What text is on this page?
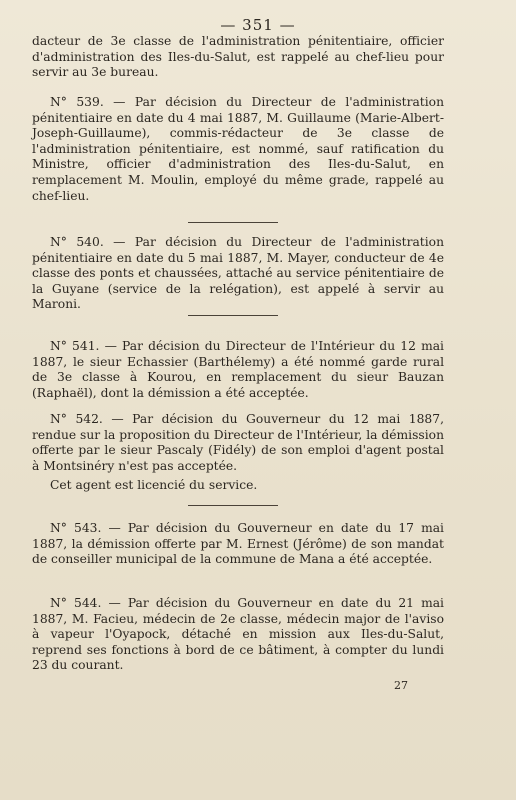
— 351 —

dacteur de 3e classe de l'administration pénitentiaire, officier d'administration des Iles-du-Salut, est rappelé au chef-lieu pour servir au 3e bureau.

N° 539. — Par décision du Directeur de l'administration pénitentiaire en date du 4 mai 1887, M. Guillaume (Marie-Albert-Joseph-Guillaume), commis-rédacteur de 3e classe de l'administration pénitentiaire, est nommé, sauf ratification du Ministre, officier d'administration des Iles-du-Salut, en remplacement M. Moulin, employé du même grade, rappelé au chef-lieu.

N° 540. — Par décision du Directeur de l'administration pénitentiaire en date du 5 mai 1887, M. Mayer, conducteur de 4e classe des ponts et chaussées, attaché au service pénitentiaire de la Guyane (service de la relégation), est appelé à servir au Maroni.

N° 541. — Par décision du Directeur de l'Intérieur du 12 mai 1887, le sieur Echassier (Barthélemy) a été nommé garde rural de 3e classe à Kourou, en remplacement du sieur Bauzan (Raphaël), dont la démission a été acceptée.

N° 542. — Par décision du Gouverneur du 12 mai 1887, rendue sur la proposition du Directeur de l'Intérieur, la démission offerte par le sieur Pascaly (Fidély) de son emploi d'agent postal à Montsinéry n'est pas acceptée.

Cet agent est licencié du service.

N° 543. — Par décision du Gouverneur en date du 17 mai 1887, la démission offerte par M. Ernest (Jérôme) de son mandat de conseiller municipal de la commune de Mana a été acceptée.

N° 544. — Par décision du Gouverneur en date du 21 mai 1887, M. Facieu, médecin de 2e classe, médecin major de l'aviso à vapeur l'Oyapock, détaché en mission aux Iles-du-Salut, reprend ses fonctions à bord de ce bâtiment, à compter du lundi 23 du courant.

27
